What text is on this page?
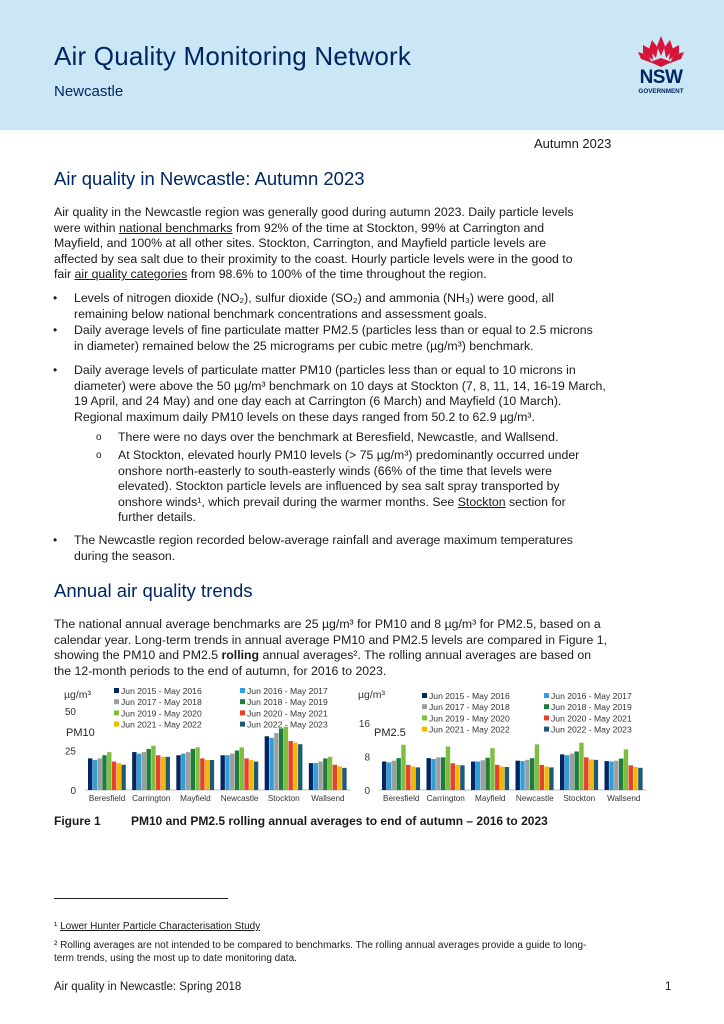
Air Quality Monitoring Network
Newcastle
NSW
GOVERNMENT
Autumn 2023
Air quality in Newcastle: Autumn 2023
Air quality in the Newcastle region was generally good during autumn 2023. Daily particle levels
were within national benchmarks from 92% of the time at Stockton, 99% at Carrington and
Mayfield, and 100% at all other sites. Stockton, Carrington, and Mayfield particle levels are
affected by sea salt due to their proximity to the coast. Hourly particle levels were in the good to
fair air quality categories from 98.6% to 100% of the time throughout the region.
• Levels of nitrogen dioxide (NO₂), sulfur dioxide (SO₂) and ammonia (NH₃) were good, all
remaining below national benchmark concentrations and assessment goals.
• Daily average levels of fine particulate matter PM2.5 (particles less than or equal to 2.5 microns
in diameter) remained below the 25 micrograms per cubic metre (µg/m³) benchmark.
• Daily average levels of particulate matter PM10 (particles less than or equal to 10 microns in
diameter) were above the 50 µg/m³ benchmark on 10 days at Stockton (7, 8, 11, 14, 16-19 March,
19 April, and 24 May) and one day each at Carrington (6 March) and Mayfield (10 March).
Regional maximum daily PM10 levels on these days ranged from 50.2 to 62.9 µg/m³.
o There were no days over the benchmark at Beresfield, Newcastle, and Wallsend.
o At Stockton, elevated hourly PM10 levels (> 75 µg/m³) predominantly occurred under
onshore north-easterly to south-easterly winds (66% of the time that levels were
elevated). Stockton particle levels are influenced by sea salt spray transported by
onshore winds¹, which prevail during the warmer months. See Stockton section for
further details.
• The Newcastle region recorded below-average rainfall and average maximum temperatures
during the season.
Annual air quality trends
The national annual average benchmarks are 25 µg/m³ for PM10 and 8 µg/m³ for PM2.5, based on a
calendar year. Long-term trends in annual average PM10 and PM2.5 levels are compared in Figure 1,
showing the PM10 and PM2.5 rolling annual averages². The rolling annual averages are based on
the 12-month periods to the end of autumn, for 2016 to 2023.
µg/m³
0
25
50
PM10
Beresfield Carrington Mayfield Newcastle Stockton Wallsend
Jun 2015 - May 2016	Jun 2016 - May 2017
Jun 2017 - May 2018	Jun 2018 - May 2019
Jun 2019 - May 2020	Jun 2020 - May 2021
Jun 2021 - May 2022	Jun 2022 - May 2023
µg/m³
0
8
16
PM2.5
Beresfield Carrington Mayfield Newcastle Stockton Wallsend
Jun 2015 - May 2016	Jun 2016 - May 2017
Jun 2017 - May 2018	Jun 2018 - May 2019
Jun 2019 - May 2020	Jun 2020 - May 2021
Jun 2021 - May 2022	Jun 2022 - May 2023
Figure 1	PM10 and PM2.5 rolling annual averages to end of autumn – 2016 to 2023
¹ Lower Hunter Particle Characterisation Study
² Rolling averages are not intended to be compared to benchmarks. The rolling annual averages provide a guide to long-
term trends, using the most up to date monitoring data.
Air quality in Newcastle: Spring 2018	1
